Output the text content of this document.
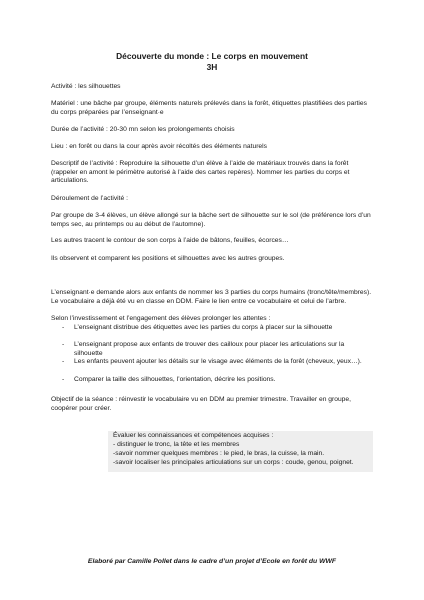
Découverte du monde : Le corps en mouvement
3H
Activité : les silhouettes
Matériel : une bâche par groupe, éléments naturels prélevés dans la forêt, étiquettes plastifiées des parties du corps préparées par l’enseignant·e
Durée de l’activité : 20-30 mn selon les prolongements choisis
Lieu : en forêt ou dans la cour après avoir récoltés des éléments naturels
Descriptif de l’activité : Reproduire la silhouette d’un élève à l’aide de matériaux trouvés dans la forêt (rappeler en amont le périmètre autorisé à l’aide des cartes repères). Nommer les parties du corps et articulations.
Déroulement de l’activité :
Par groupe de 3-4 élèves, un élève allongé sur la bâche sert de silhouette sur le sol (de préférence lors d’un temps sec, au printemps ou au début de l’automne).
Les autres tracent le contour de son corps à l’aide de bâtons, feuilles, écorces…
Ils observent et comparent les positions et silhouettes avec les autres groupes.
L’enseignant·e demande alors aux enfants de nommer les 3 parties du corps humains (tronc/tête/membres). Le vocabulaire a déjà été vu en classe en DDM. Faire le lien entre ce vocabulaire et celui de l’arbre.
Selon l’investissement et l’engagement des élèves prolonger les attentes :
- L’enseignant distribue des étiquettes avec les parties du corps à placer sur la silhouette
- L’enseignant propose aux enfants de trouver des cailloux pour placer les articulations sur la silhouette
- Les enfants peuvent ajouter les détails sur le visage avec éléments de la forêt (cheveux, yeux…).
- Comparer la taille des silhouettes, l’orientation, décrire les positions.
Objectif de la séance : réinvestir le vocabulaire vu en DDM au premier trimestre. Travailler en groupe, coopérer pour créer.
Évaluer les connaissances et compétences acquises :
- distinguer le tronc, la tête et les membres
-savoir nommer quelques membres : le pied, le bras, la cuisse, la main.
-savoir localiser les principales articulations sur un corps : coude, genou, poignet.
Elaboré par Camille Pollet dans le cadre d’un projet d’Ecole en forêt du WWF
